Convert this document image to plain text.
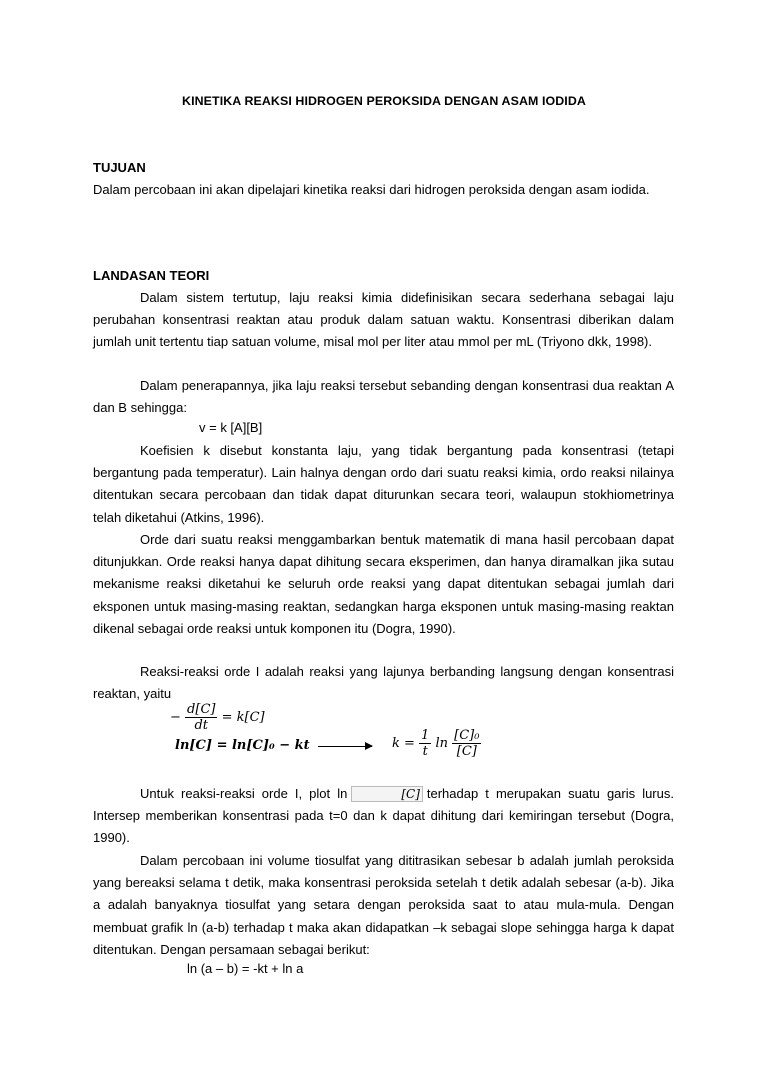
KINETIKA REAKSI HIDROGEN PEROKSIDA DENGAN ASAM IODIDA
TUJUAN
Dalam percobaan ini akan dipelajari kinetika reaksi dari hidrogen peroksida dengan asam iodida.
LANDASAN TEORI
Dalam sistem tertutup, laju reaksi kimia didefinisikan secara sederhana sebagai laju perubahan konsentrasi reaktan atau produk dalam satuan waktu. Konsentrasi diberikan dalam jumlah unit tertentu tiap satuan volume, misal mol per liter atau mmol per mL (Triyono dkk, 1998).
Dalam penerapannya, jika laju reaksi tersebut sebanding dengan konsentrasi dua reaktan A dan B sehingga:
v = k [A][B]
Koefisien k disebut konstanta laju, yang tidak bergantung pada konsentrasi (tetapi bergantung pada temperatur). Lain halnya dengan ordo dari suatu reaksi kimia, ordo reaksi nilainya ditentukan secara percobaan dan tidak dapat diturunkan secara teori, walaupun stokhiometrinya telah diketahui (Atkins, 1996).
Orde dari suatu reaksi menggambarkan bentuk matematik di mana hasil percobaan dapat ditunjukkan. Orde reaksi hanya dapat dihitung secara eksperimen, dan hanya diramalkan jika sutau mekanisme reaksi diketahui ke seluruh orde reaksi yang dapat ditentukan sebagai jumlah dari eksponen untuk masing-masing reaktan, sedangkan harga eksponen untuk masing-masing reaktan dikenal sebagai orde reaksi untuk komponen itu (Dogra, 1990).
Reaksi-reaksi orde I adalah reaksi yang lajunya berbanding langsung dengan konsentrasi reaktan, yaitu
− $\frac{d[C]}{dt} = k[C]$
ln[C] = ln[C]₀ − kt	$k = \frac{1}{t}$ $\ln \frac{\text{[C]₀}}{[C]}$
Untuk reaksi-reaksi orde I, plot ln	[C] terhadap t merupakan suatu garis lurus. Intersep memberikan konsentrasi pada t=0 dan k dapat dihitung dari kemiringan tersebut (Dogra, 1990).
Dalam percobaan ini volume tiosulfat yang dititrasikan sebesar b adalah jumlah peroksida yang bereaksi selama t detik, maka konsentrasi peroksida setelah t detik adalah sebesar (a-b). Jika a adalah banyaknya tiosulfat yang setara dengan peroksida saat to atau mula-mula. Dengan membuat grafik ln (a-b) terhadap t maka akan didapatkan –k sebagai slope sehingga harga k dapat ditentukan. Dengan persamaan sebagai berikut:
ln (a – b) = -kt + ln a
